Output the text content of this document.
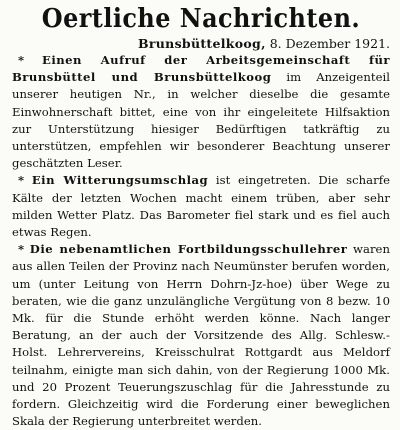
Oertliche Nachrichten.
Brunsbüttelkoog, 8. Dezember 1921.

* Einen Aufruf der Arbeitsgemeinschaft für Brunsbüttel und Brunsbüttelkoog im Anzeigenteil unserer heutigen Nr., in welcher dieselbe die gesamte Einwohnerschaft bittet, eine von ihr eingeleitete Hilfsaktion zur Unterstützung hiesiger Bedürftigen tatkräftig zu unterstützen, empfehlen wir besonderer Beachtung unserer geschätzten Leser.

* Ein Witterungsumschlag ist eingetreten. Die scharfe Kälte der letzten Wochen macht einem trüben, aber sehr milden Wetter Platz. Das Barometer fiel stark und es fiel auch etwas Regen.

* Die nebenamtlichen Fortbildungsschullehrer waren aus allen Teilen der Provinz nach Neumünster berufen worden, um (unter Leitung von Herrn Dohrn-Jz-hoe) über Wege zu beraten, wie die ganz unzulängliche Vergütung von 8 bezw. 10 Mk. für die Stunde erhöht werden könne. Nach langer Beratung, an der auch der Vorsitzende des Allg. Schlesw.-Holst. Lehrervereins, Kreisschulrat Rottgardt aus Meldorf teilnahm, einigte man sich dahin, von der Regierung 1000 Mk. und 20 Prozent Teuerungszuschlag für die Jahresstunde zu fordern. Gleichzeitig wird die Forderung einer beweglichen Skala der Regierung unterbreitet werden.
